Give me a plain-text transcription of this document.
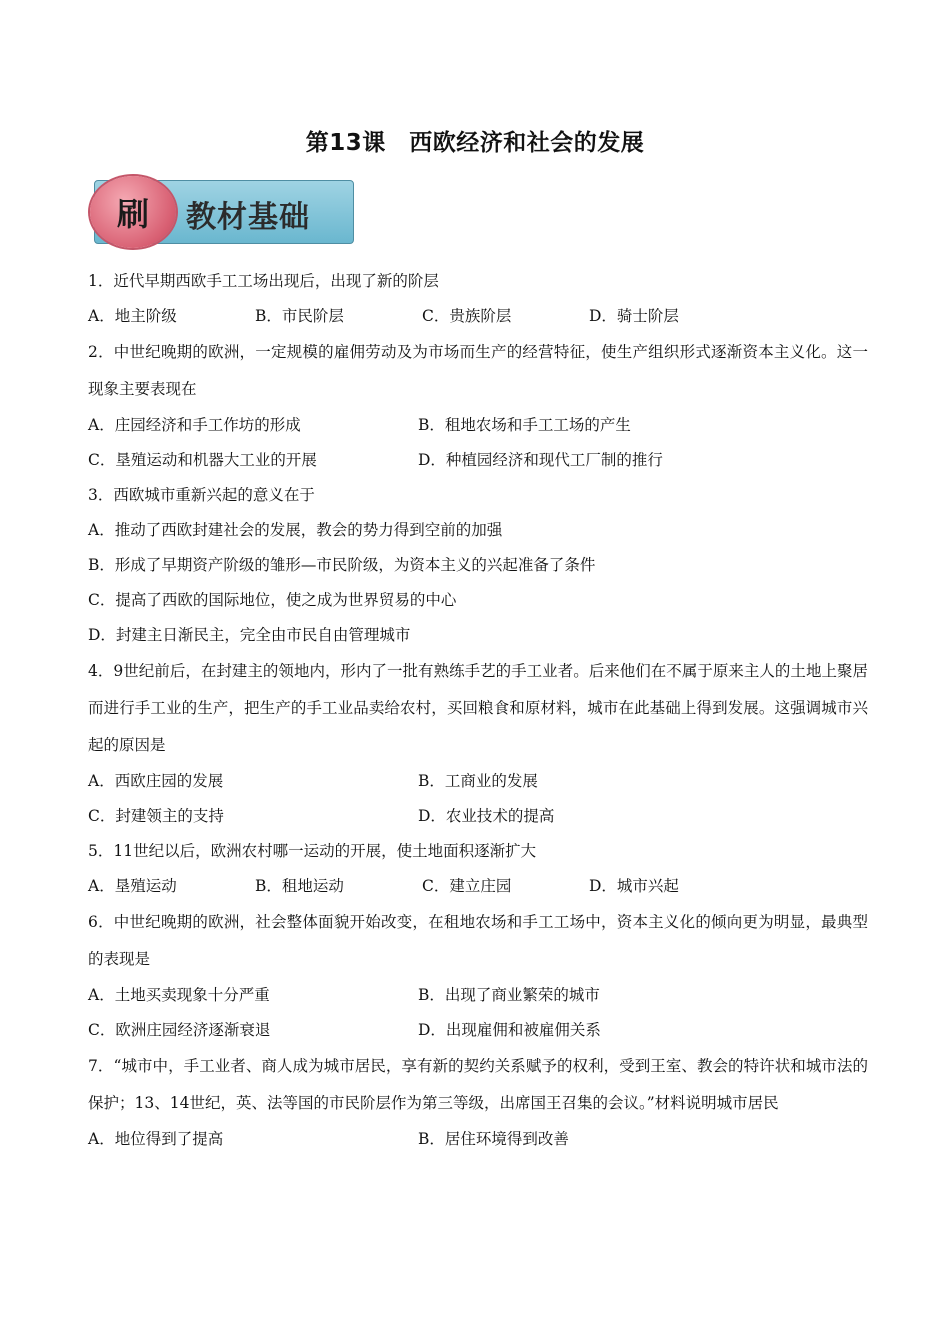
第13课　西欧经济和社会的发展
刷	教材基础
1．近代早期西欧手工工场出现后，出现了新的阶层
A．地主阶级	B．市民阶层	C．贵族阶层	D．骑士阶层
2．中世纪晚期的欧洲，一定规模的雇佣劳动及为市场而生产的经营特征，使生产组织形式逐渐资本主义化。这一现象主要表现在
A．庄园经济和手工作坊的形成	B．租地农场和手工工场的产生
C．垦殖运动和机器大工业的开展	D．种植园经济和现代工厂制的推行
3．西欧城市重新兴起的意义在于
A．推动了西欧封建社会的发展，教会的势力得到空前的加强
B．形成了早期资产阶级的雏形—市民阶级，为资本主义的兴起准备了条件
C．提高了西欧的国际地位，使之成为世界贸易的中心
D．封建主日渐民主，完全由市民自由管理城市
4．9世纪前后，在封建主的领地内，形内了一批有熟练手艺的手工业者。后来他们在不属于原来主人的土地上聚居而进行手工业的生产，把生产的手工业品卖给农村，买回粮食和原材料，城市在此基础上得到发展。这强调城市兴起的原因是
A．西欧庄园的发展	B．工商业的发展
C．封建领主的支持	D．农业技术的提高
5．11世纪以后，欧洲农村哪一运动的开展，使土地面积逐渐扩大
A．垦殖运动	B．租地运动	C．建立庄园	D．城市兴起
6．中世纪晚期的欧洲，社会整体面貌开始改变，在租地农场和手工工场中，资本主义化的倾向更为明显，最典型的表现是
A．土地买卖现象十分严重	B．出现了商业繁荣的城市
C．欧洲庄园经济逐渐衰退	D．出现雇佣和被雇佣关系
7．“城市中，手工业者、商人成为城市居民，享有新的契约关系赋予的权利，受到王室、教会的特许状和城市法的保护；13、14世纪，英、法等国的市民阶层作为第三等级，出席国王召集的会议。”材料说明城市居民
A．地位得到了提高	B．居住环境得到改善
